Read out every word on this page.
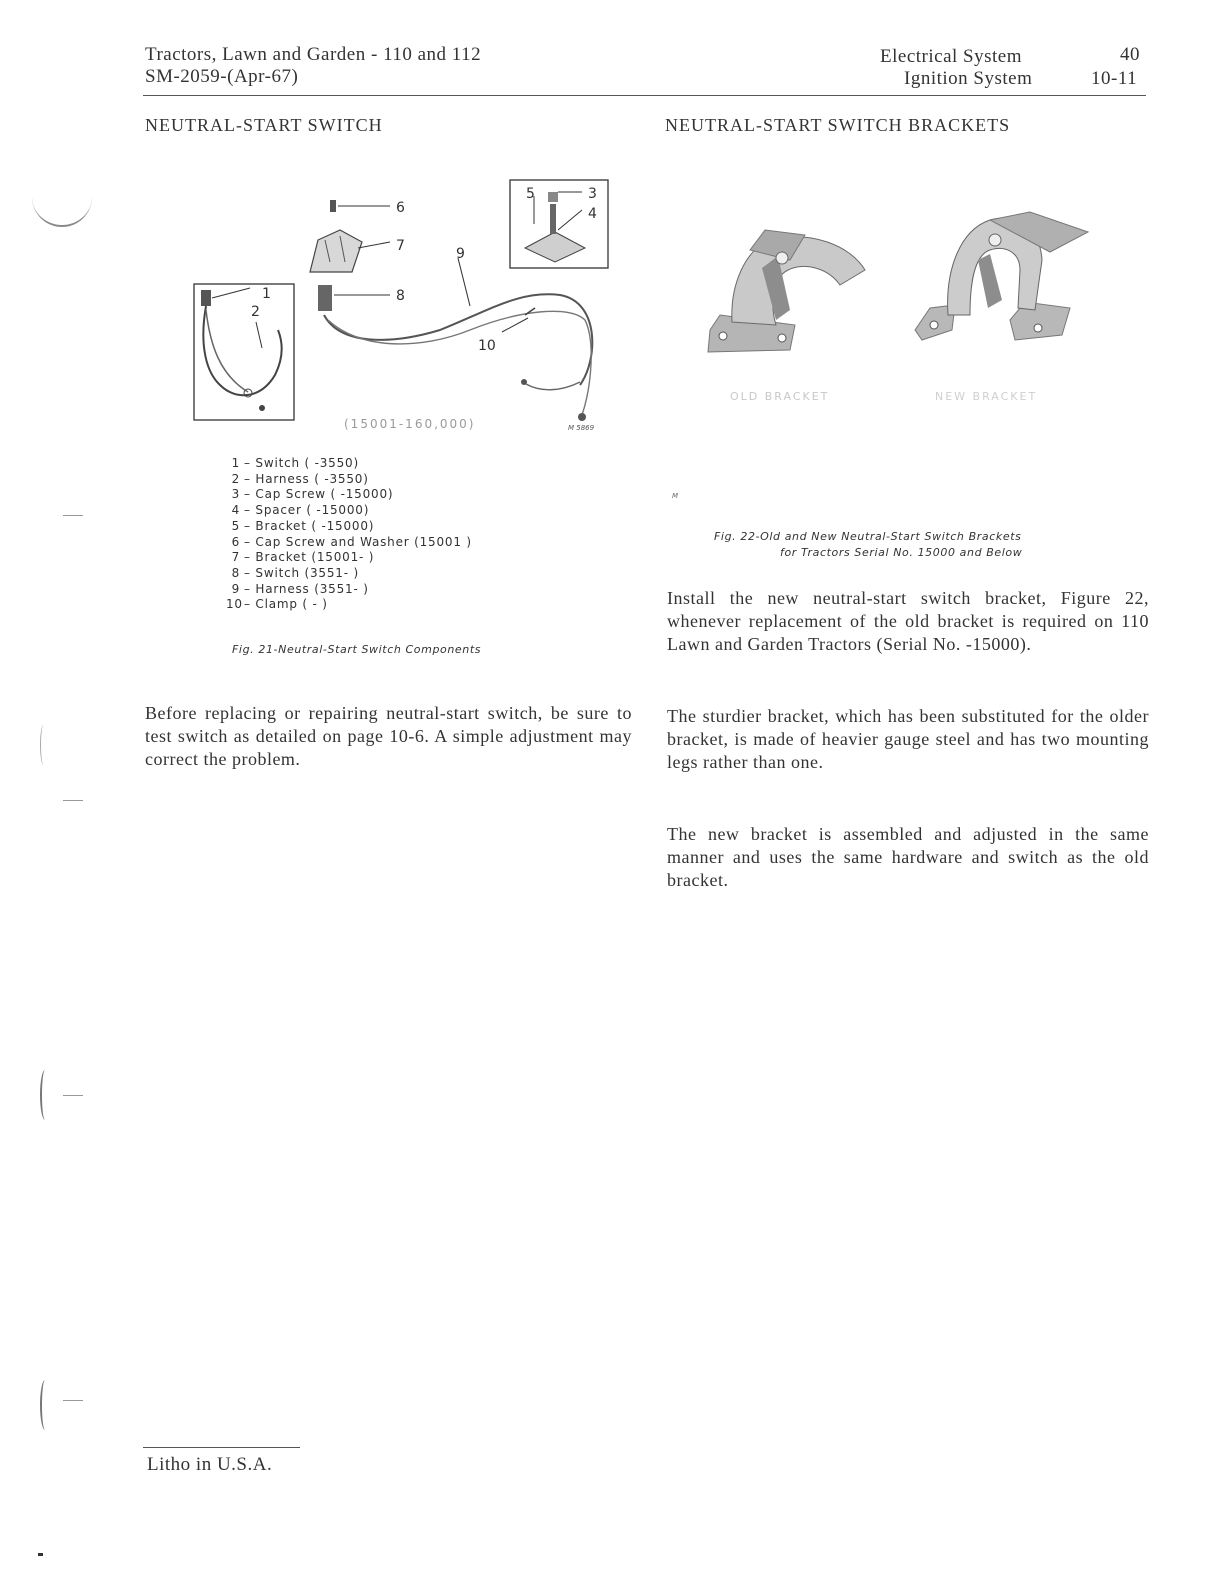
Tractors, Lawn and Garden - 110 and 112
SM-2059-(Apr-67)
Electrical System
Ignition System
40
10-11
NEUTRAL-START SWITCH
1
2
3
4
5
6
7
8
9
10
(15001-160,000)	M 5869
1 – Switch ( -3550)
2 – Harness ( -3550)
3 – Cap Screw ( -15000)
4 – Spacer ( -15000)
5 – Bracket ( -15000)
6 – Cap Screw and Washer (15001 )
7 – Bracket (15001- )
8 – Switch (3551- )
9 – Harness (3551- )
10– Clamp ( - )
Fig. 21-Neutral-Start Switch Components
Before replacing or repairing neutral-start switch, be sure to test switch as detailed on page 10-6. A simple adjustment may correct the problem.
NEUTRAL-START SWITCH BRACKETS
OLD BRACKET	NEW BRACKET
M
Fig. 22-Old and New Neutral-Start Switch Brackets
for Tractors Serial No. 15000 and Below
Install the new neutral-start switch bracket, Figure 22, whenever replacement of the old bracket is required on 110 Lawn and Garden Tractors (Serial No. -15000).
The sturdier bracket, which has been substituted for the older bracket, is made of heavier gauge steel and has two mounting legs rather than one.
The new bracket is assembled and adjusted in the same manner and uses the same hardware and switch as the old bracket.
Litho in U.S.A.
